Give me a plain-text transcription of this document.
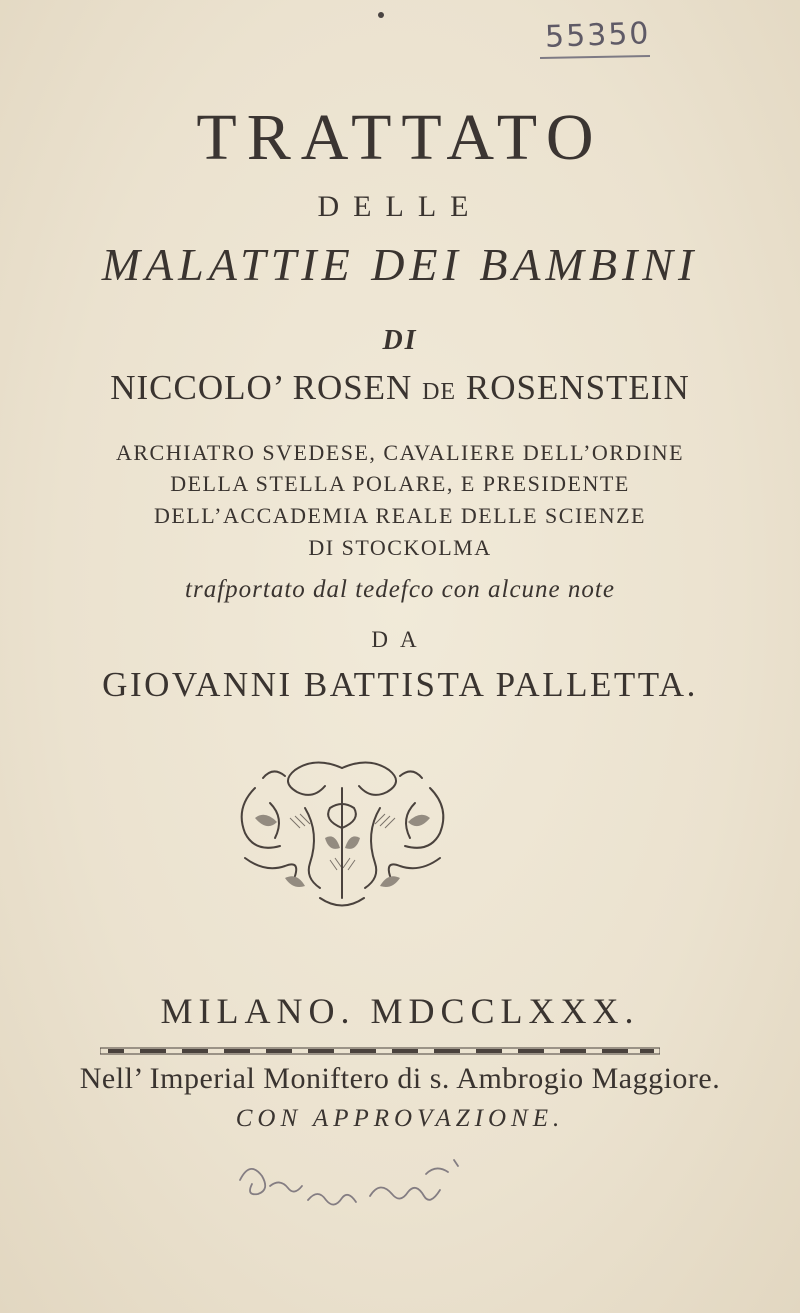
55350
TRATTATO
DELLE
MALATTIE DEI BAMBINI
DI
NICCOLO’ ROSEN DE ROSENSTEIN
ARCHIATRO SVEDESE, CAVALIERE DELL’ORDINE
DELLA STELLA POLARE, E PRESIDENTE
DELL’ACCADEMIA REALE DELLE SCIENZE
DI STOCKOLMA
trafportato dal tedefco con alcune note
DA
GIOVANNI BATTISTA PALLETTA.
MILANO. MDCCLXXX.
Nell’ Imperial Moniftero di s. Ambrogio Maggiore.
CON APPROVAZIONE.
